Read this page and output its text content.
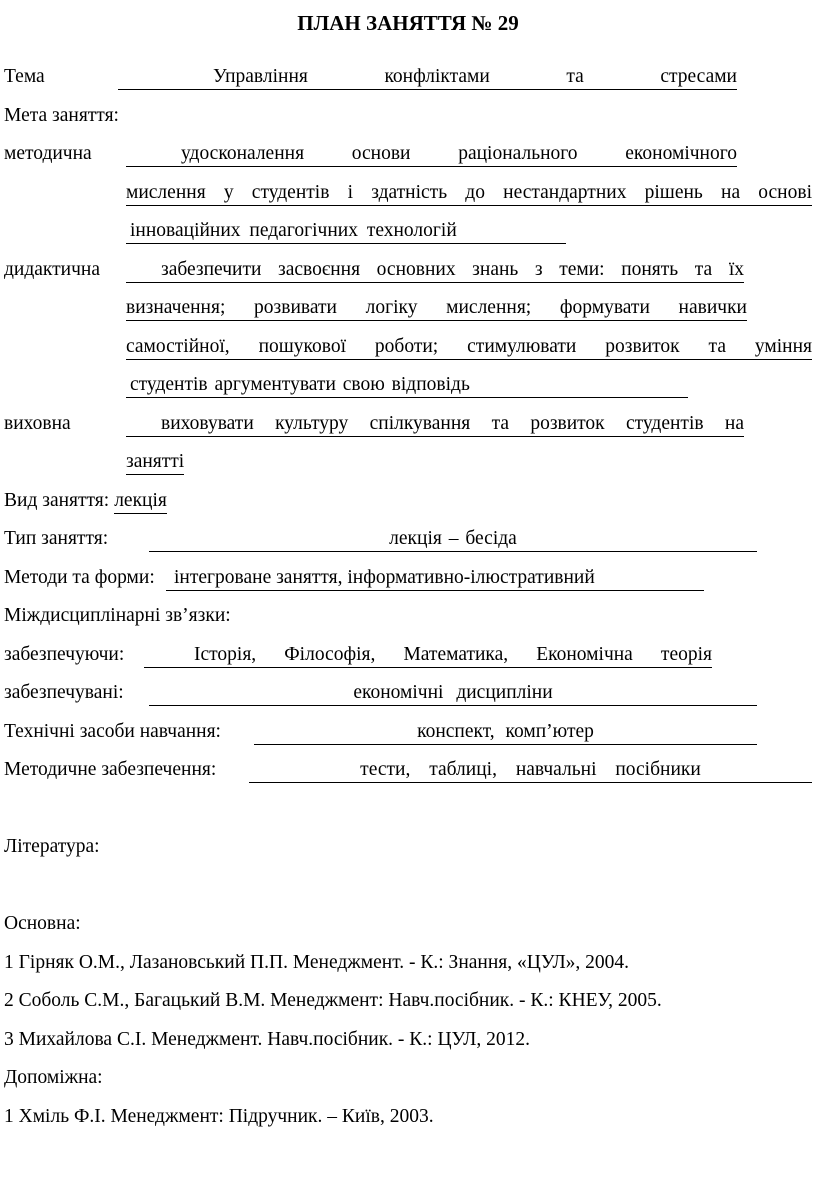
ПЛАН ЗАНЯТТЯ № 29
​ Тема	Управління конфліктами та стресами
​ Мета заняття:
​ методична	удосконалення основи раціонального економічного
​ мислення у студентів і здатність до нестандартних рішень на основі
​ інноваційних педагогічних технологій
​ дидактична	забезпечити засвоєння основних знань з теми: понять та їх
​ визначення; розвивати логіку мислення; формувати навички
​ самостійної, пошукової роботи; стимулювати розвиток та уміння
​ студентів аргументувати свою відповідь
​ виховна	виховувати культуру спілкування та розвиток студентів на
​ занятті
​ Вид заняття: лекція
​ Тип заняття:	лекція – бесіда
​ Методи та форми: інтегроване заняття, інформативно-ілюстративний
​ Міждисциплінарні зв’язки:
​ забезпечуючи:	Історія, Філософія, Математика, Економічна теорія
​ забезпечувані:	економічні дисципліни
​ Технічні засоби навчання:	конспект, комп’ютер
​ Методичне забезпечення:	тести, таблиці, навчальні посібники
​ Література:
​ Основна:
​ 1 Гірняк О.М., Лазановський П.П. Менеджмент. - К.: Знання, «ЦУЛ», 2004.
​ 2 Соболь С.М., Багацький В.М. Менеджмент: Навч.посібник. - К.: КНЕУ, 2005.
​ 3 Михайлова С.І. Менеджмент. Навч.посібник. - К.: ЦУЛ, 2012.
​ Допоміжна:
​ 1 Хміль Ф.І. Менеджмент: Підручник. – Київ, 2003.
